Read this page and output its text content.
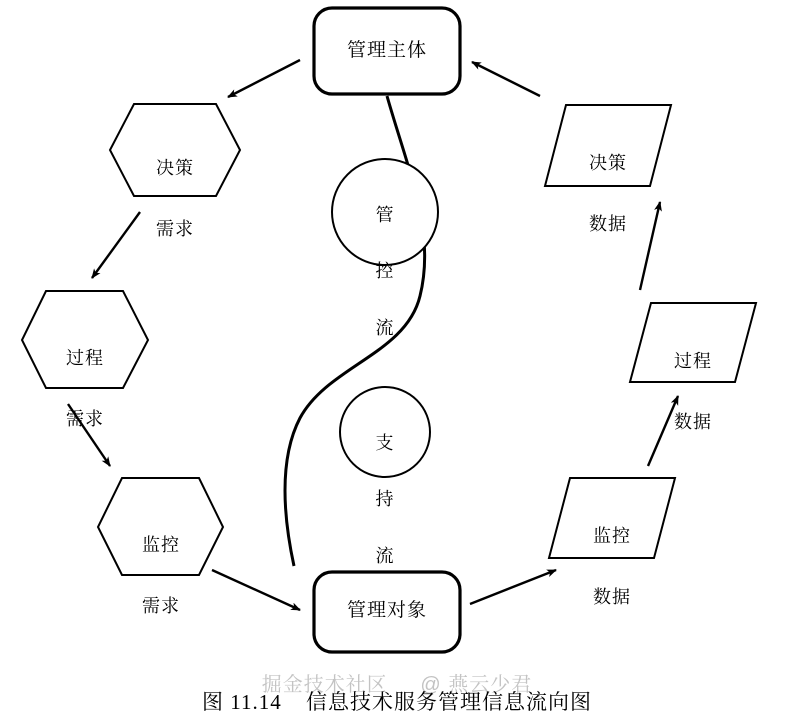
管理主体
管理对象

决策

需求

过程

需求

监控

需求

决策

数据

过程

数据

监控

数据

管

控

流

支

持

流

掘金技术社区 @ 燕云少君
图 11.14 信息技术服务管理信息流向图
